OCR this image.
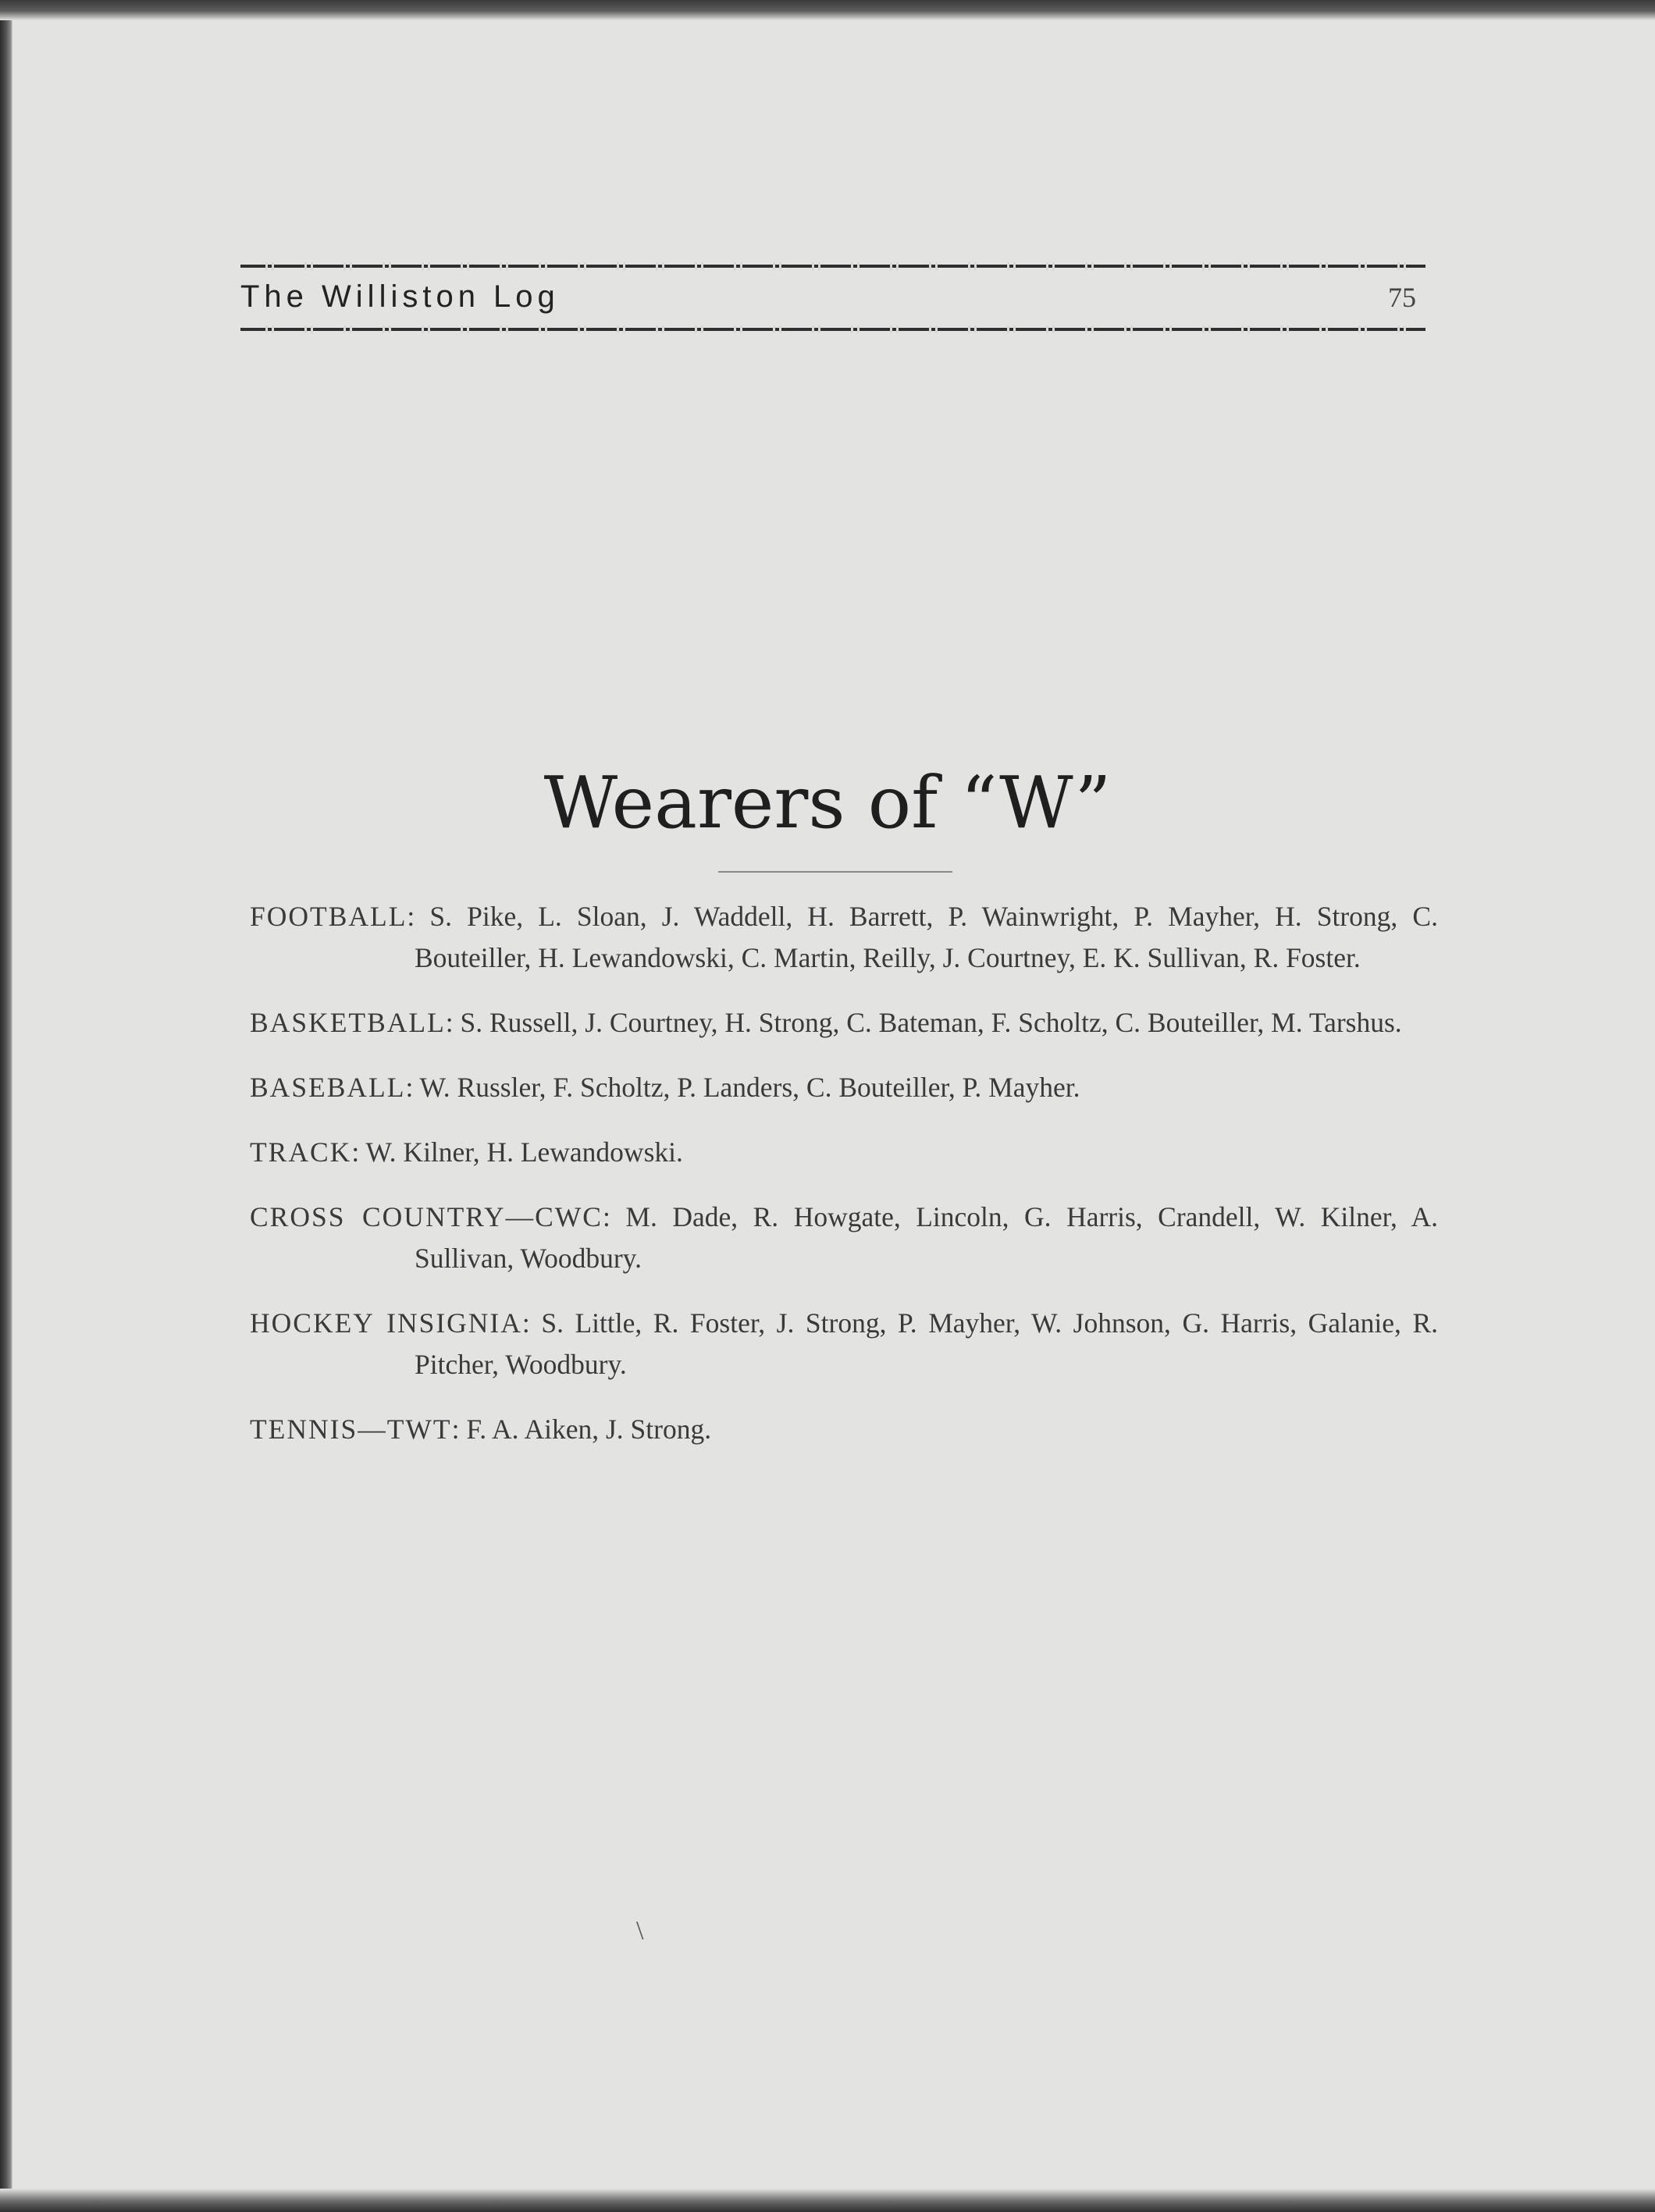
The Williston Log	75
Wearers of “W”

FOOTBALL: S. Pike, L. Sloan, J. Waddell, H. Barrett, P. Wainwright, P. Mayher, H. Strong, C. Bouteiller, H. Lewandowski, C. Martin, Reilly, J. Courtney, E. K. Sullivan, R. Foster.

BASKETBALL: S. Russell, J. Courtney, H. Strong, C. Bateman, F. Scholtz, C. Bouteiller, M. Tarshus.

BASEBALL: W. Russler, F. Scholtz, P. Landers, C. Bouteiller, P. Mayher.

TRACK: W. Kilner, H. Lewandowski.

CROSS COUNTRY—CWC: M. Dade, R. Howgate, Lincoln, G. Harris, Crandell, W. Kilner, A. Sullivan, Woodbury.

HOCKEY INSIGNIA: S. Little, R. Foster, J. Strong, P. Mayher, W. Johnson, G. Harris, Galanie, R. Pitcher, Woodbury.

TENNIS—TWT: F. A. Aiken, J. Strong.

\
